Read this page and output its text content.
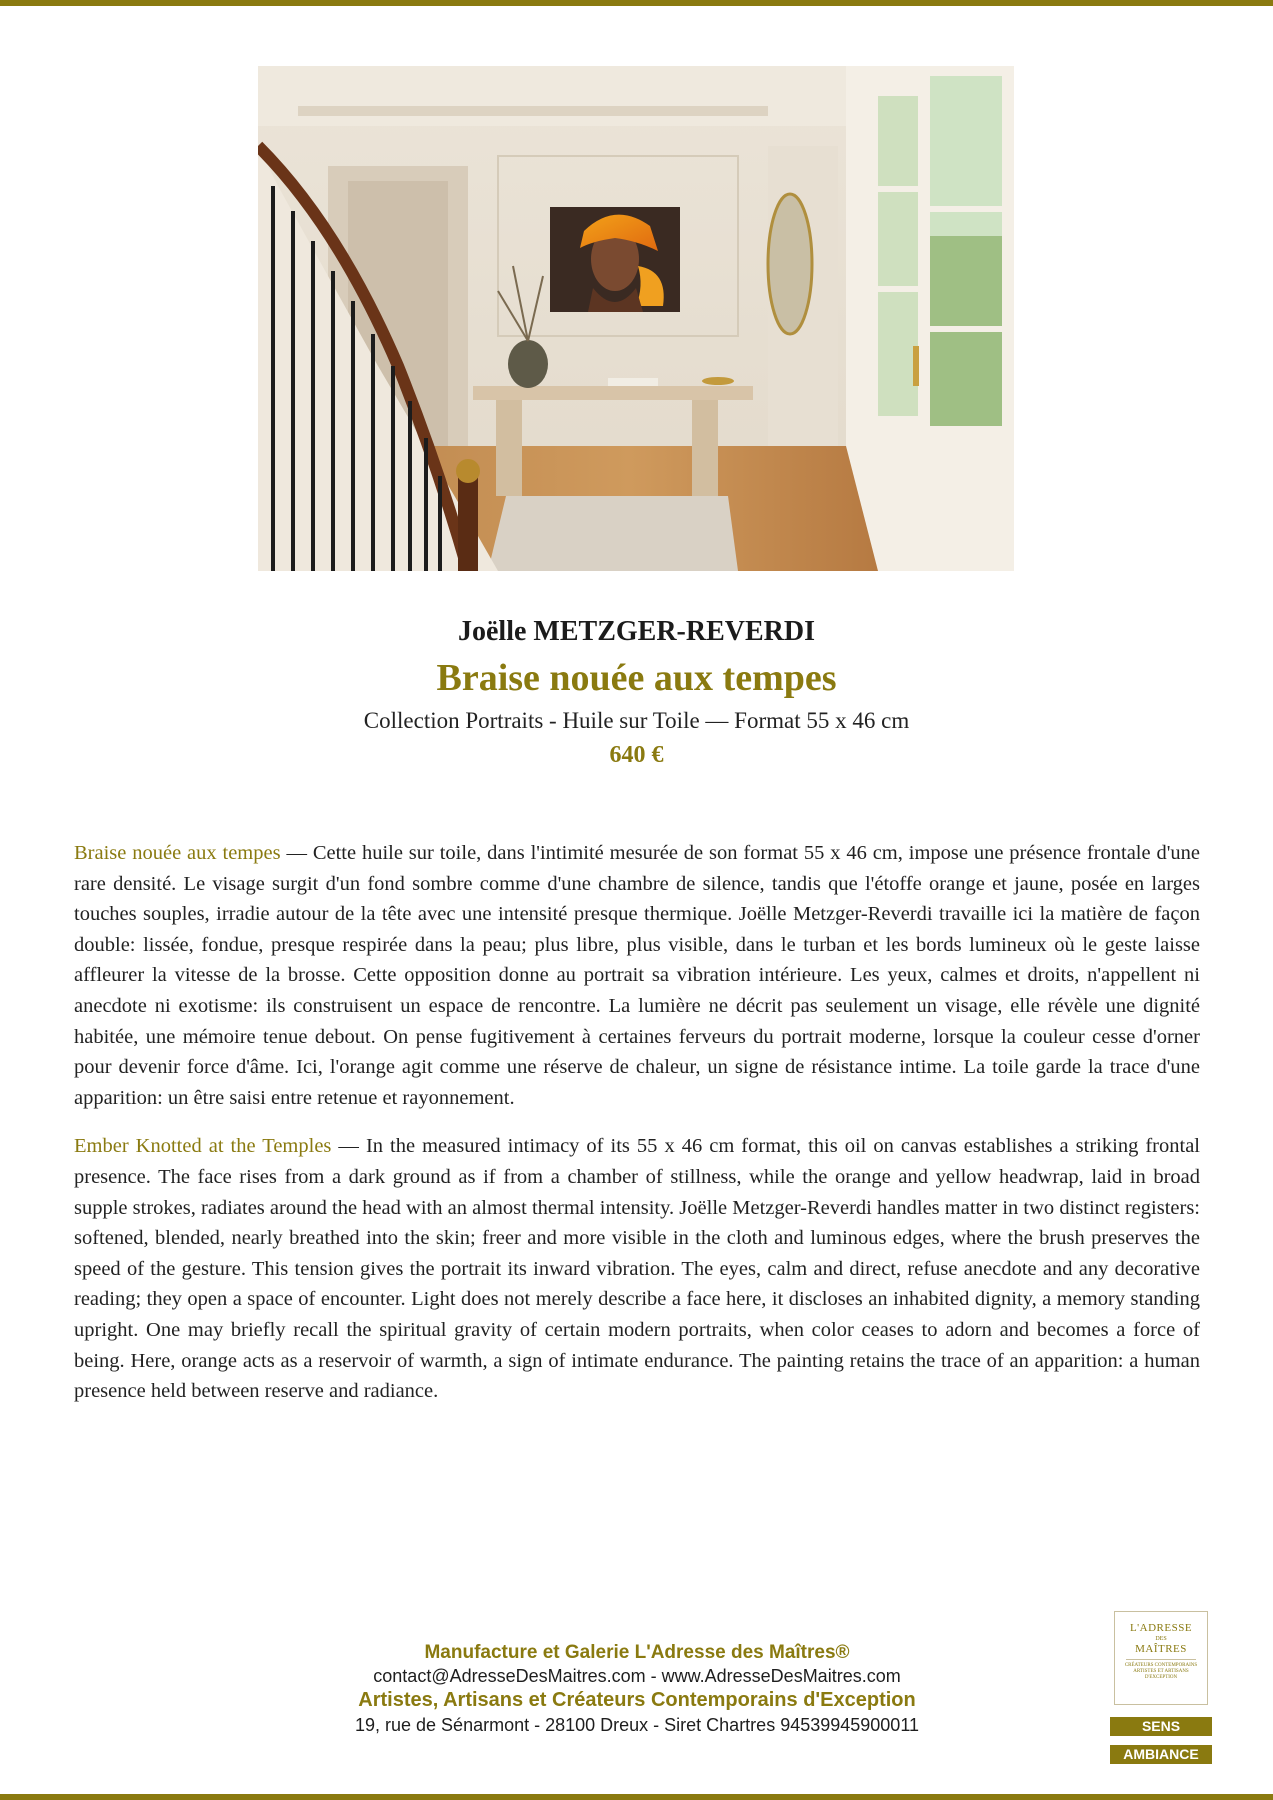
Joëlle METZGER-REVERDI
Braise nouée aux tempes
Collection Portraits - Huile sur Toile — Format 55 x 46 cm
640 €

Braise nouée aux tempes — Cette huile sur toile, dans l'intimité mesurée de son format 55 x 46 cm, impose une présence frontale d'une rare densité. Le visage surgit d'un fond sombre comme d'une chambre de silence, tandis que l'étoffe orange et jaune, posée en larges touches souples, irradie autour de la tête avec une intensité presque thermique. Joëlle Metzger-Reverdi travaille ici la matière de façon double: lissée, fondue, presque respirée dans la peau; plus libre, plus visible, dans le turban et les bords lumineux où le geste laisse affleurer la vitesse de la brosse. Cette opposition donne au portrait sa vibration intérieure. Les yeux, calmes et droits, n'appellent ni anecdote ni exotisme: ils construisent un espace de rencontre. La lumière ne décrit pas seulement un visage, elle révèle une dignité habitée, une mémoire tenue debout. On pense fugitivement à certaines ferveurs du portrait moderne, lorsque la couleur cesse d'orner pour devenir force d'âme. Ici, l'orange agit comme une réserve de chaleur, un signe de résistance intime. La toile garde la trace d'une apparition: un être saisi entre retenue et rayonnement.

Ember Knotted at the Temples — In the measured intimacy of its 55 x 46 cm format, this oil on canvas establishes a striking frontal presence. The face rises from a dark ground as if from a chamber of stillness, while the orange and yellow headwrap, laid in broad supple strokes, radiates around the head with an almost thermal intensity. Joëlle Metzger-Reverdi handles matter in two distinct registers: softened, blended, nearly breathed into the skin; freer and more visible in the cloth and luminous edges, where the brush preserves the speed of the gesture. This tension gives the portrait its inward vibration. The eyes, calm and direct, refuse anecdote and any decorative reading; they open a space of encounter. Light does not merely describe a face here, it discloses an inhabited dignity, a memory standing upright. One may briefly recall the spiritual gravity of certain modern portraits, when color ceases to adorn and becomes a force of being. Here, orange acts as a reservoir of warmth, a sign of intimate endurance. The painting retains the trace of an apparition: a human presence held between reserve and radiance.

Manufacture et Galerie L'Adresse des Maîtres®
contact@AdresseDesMaitres.com - www.AdresseDesMaitres.com
Artistes, Artisans et Créateurs Contemporains d'Exception
19, rue de Sénarmont - 28100 Dreux - Siret Chartres 94539945900011
L'ADRESSE
DES
MAÎTRES
CRÉATEURS CONTEMPORAINS ARTISTES ET ARTISANS D'EXCEPTION
SENS
AMBIANCE
